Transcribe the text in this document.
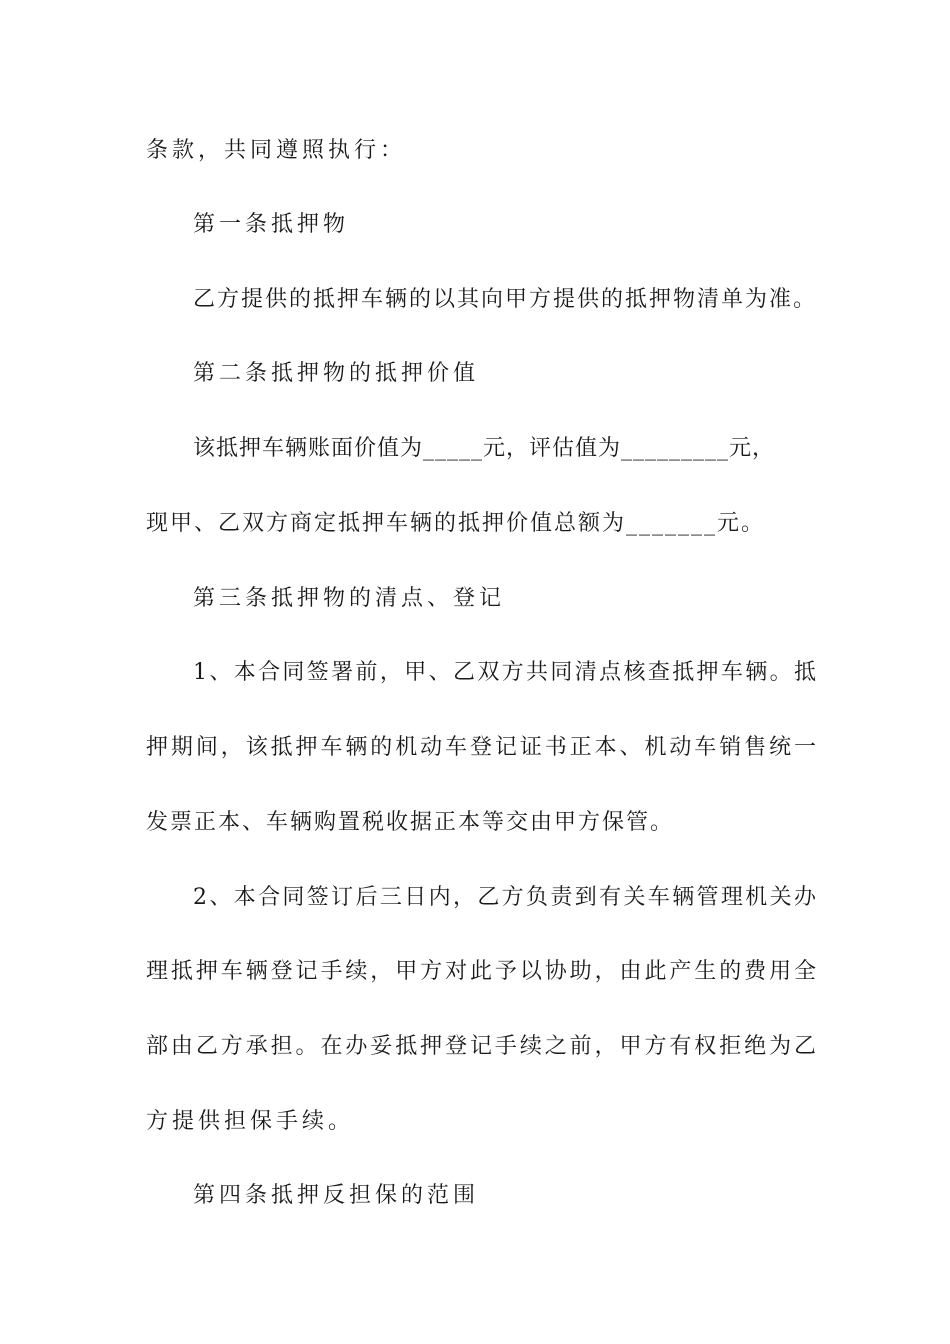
条款，共同遵照执行：
第一条抵押物
乙方提供的抵押车辆的以其向甲方提供的抵押物清单为准。
第二条抵押物的抵押价值
该抵押车辆账面价值为_____元，评估值为_________元，
现甲、乙双方商定抵押车辆的抵押价值总额为_______元。
第三条抵押物的清点、登记
1、本合同签署前，甲、乙双方共同清点核查抵押车辆。抵
押期间，该抵押车辆的机动车登记证书正本、机动车销售统一
发票正本、车辆购置税收据正本等交由甲方保管。
2、本合同签订后三日内，乙方负责到有关车辆管理机关办
理抵押车辆登记手续，甲方对此予以协助，由此产生的费用全
部由乙方承担。在办妥抵押登记手续之前，甲方有权拒绝为乙
方提供担保手续。
第四条抵押反担保的范围
